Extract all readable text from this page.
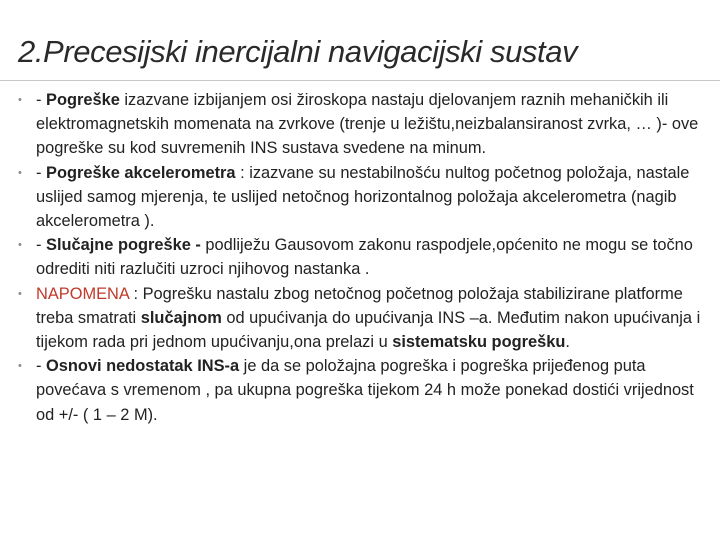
2.Precesijski inercijalni navigacijski sustav
• - Pogreške izazvane izbijanjem osi žiroskopa nastaju djelovanjem raznih mehaničkih ili elektromagnetskih momenata na zvrkove (trenje u ležištu,neizbalansiranost zvrka, … )- ove pogreške su kod suvremenih INS sustava svedene na minum.
• - Pogreške akcelerometra : izazvane su nestabilnošću nultog početnog položaja, nastale uslijed samog mjerenja, te uslijed netočnog horizontalnog položaja akcelerometra (nagib akcelerometra ).
• - Slučajne pogreške - podliježu Gausovom zakonu raspodjele,općenito ne mogu se točno odrediti niti razlučiti uzroci njihovog nastanka .
• NAPOMENA : Pogrešku nastalu zbog netočnog početnog položaja stabilizirane platforme treba smatrati slučajnom od upućivanja do upućivanja INS –a. Međutim nakon upućivanja i tijekom rada pri jednom upućivanju,ona prelazi u sistematsku pogrešku.
• - Osnovi nedostatak INS-a je da se položajna pogreška i pogreška prijeđenog puta povećava s vremenom , pa ukupna pogreška tijekom 24 h može ponekad dostići vrijednost od +/- ( 1 – 2 M).
